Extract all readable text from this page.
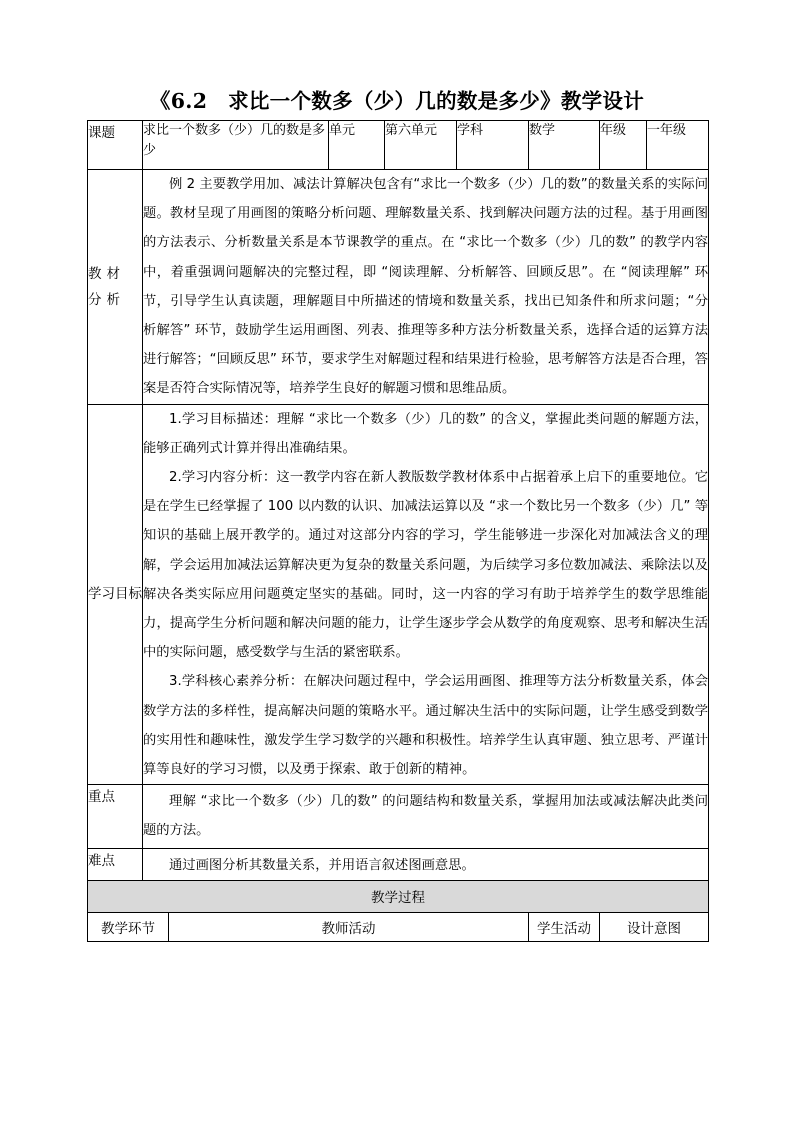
《6.2　求比一个数多（少）几的数是多少》教学设计
课题	求比一个数多（少）几的数是多少		单元	第六单元	学科	数学	年级	一年级
教材分析	例 2 主要教学用加、减法计算解决包含有“求比一个数多（少）几的数”的数量关系的实际问题。教材呈现了用画图的策略分析问题、理解数量关系、找到解决问题方法的过程。基于用画图的方法表示、分析数量关系是本节课教学的重点。在 “求比一个数多（少）几的数” 的教学内容中，着重强调问题解决的完整过程，即 “阅读理解、分析解答、回顾反思”。在 “阅读理解” 环节，引导学生认真读题，理解题目中所描述的情境和数量关系，找出已知条件和所求问题；“分析解答” 环节，鼓励学生运用画图、列表、推理等多种方法分析数量关系，选择合适的运算方法进行解答；“回顾反思” 环节，要求学生对解题过程和结果进行检验，思考解答方法是否合理，答案是否符合实际情况等，培养学生良好的解题习惯和思维品质。							

学习目标	1.学习目标描述：理解 “求比一个数多（少）几的数” 的含义，掌握此类问题的解题方法，能够正确列式计算并得出准确结果。

2.学习内容分析：这一教学内容在新人教版数学教材体系中占据着承上启下的重要地位。它是在学生已经掌握了 100 以内数的认识、加减法运算以及 “求一个数比另一个数多（少）几” 等知识的基础上展开教学的。通过对这部分内容的学习，学生能够进一步深化对加减法含义的理解，学会运用加减法运算解决更为复杂的数量关系问题，为后续学习多位数加减法、乘除法以及解决各类实际应用问题奠定坚实的基础。同时，这一内容的学习有助于培养学生的数学思维能力，提高学生分析问题和解决问题的能力，让学生逐步学会从数学的角度观察、思考和解决生活中的实际问题，感受数学与生活的紧密联系。

3.学科核心素养分析：在解决问题过程中，学会运用画图、推理等方法分析数量关系，体会数学方法的多样性，提高解决问题的策略水平。通过解决生活中的实际问题，让学生感受到数学的实用性和趣味性，激发学生学习数学的兴趣和积极性。培养学生认真审题、独立思考、严谨计算等良好的学习习惯，以及勇于探索、敢于创新的精神。							

重点	理解 “求比一个数多（少）几的数” 的问题结构和数量关系，掌握用加法或减法解决此类问题的方法。							

难点	通过画图分析其数量关系，并用语言叙述图画意思。							

教学过程								
教学环节		教师活动				学生活动	设计意图	
